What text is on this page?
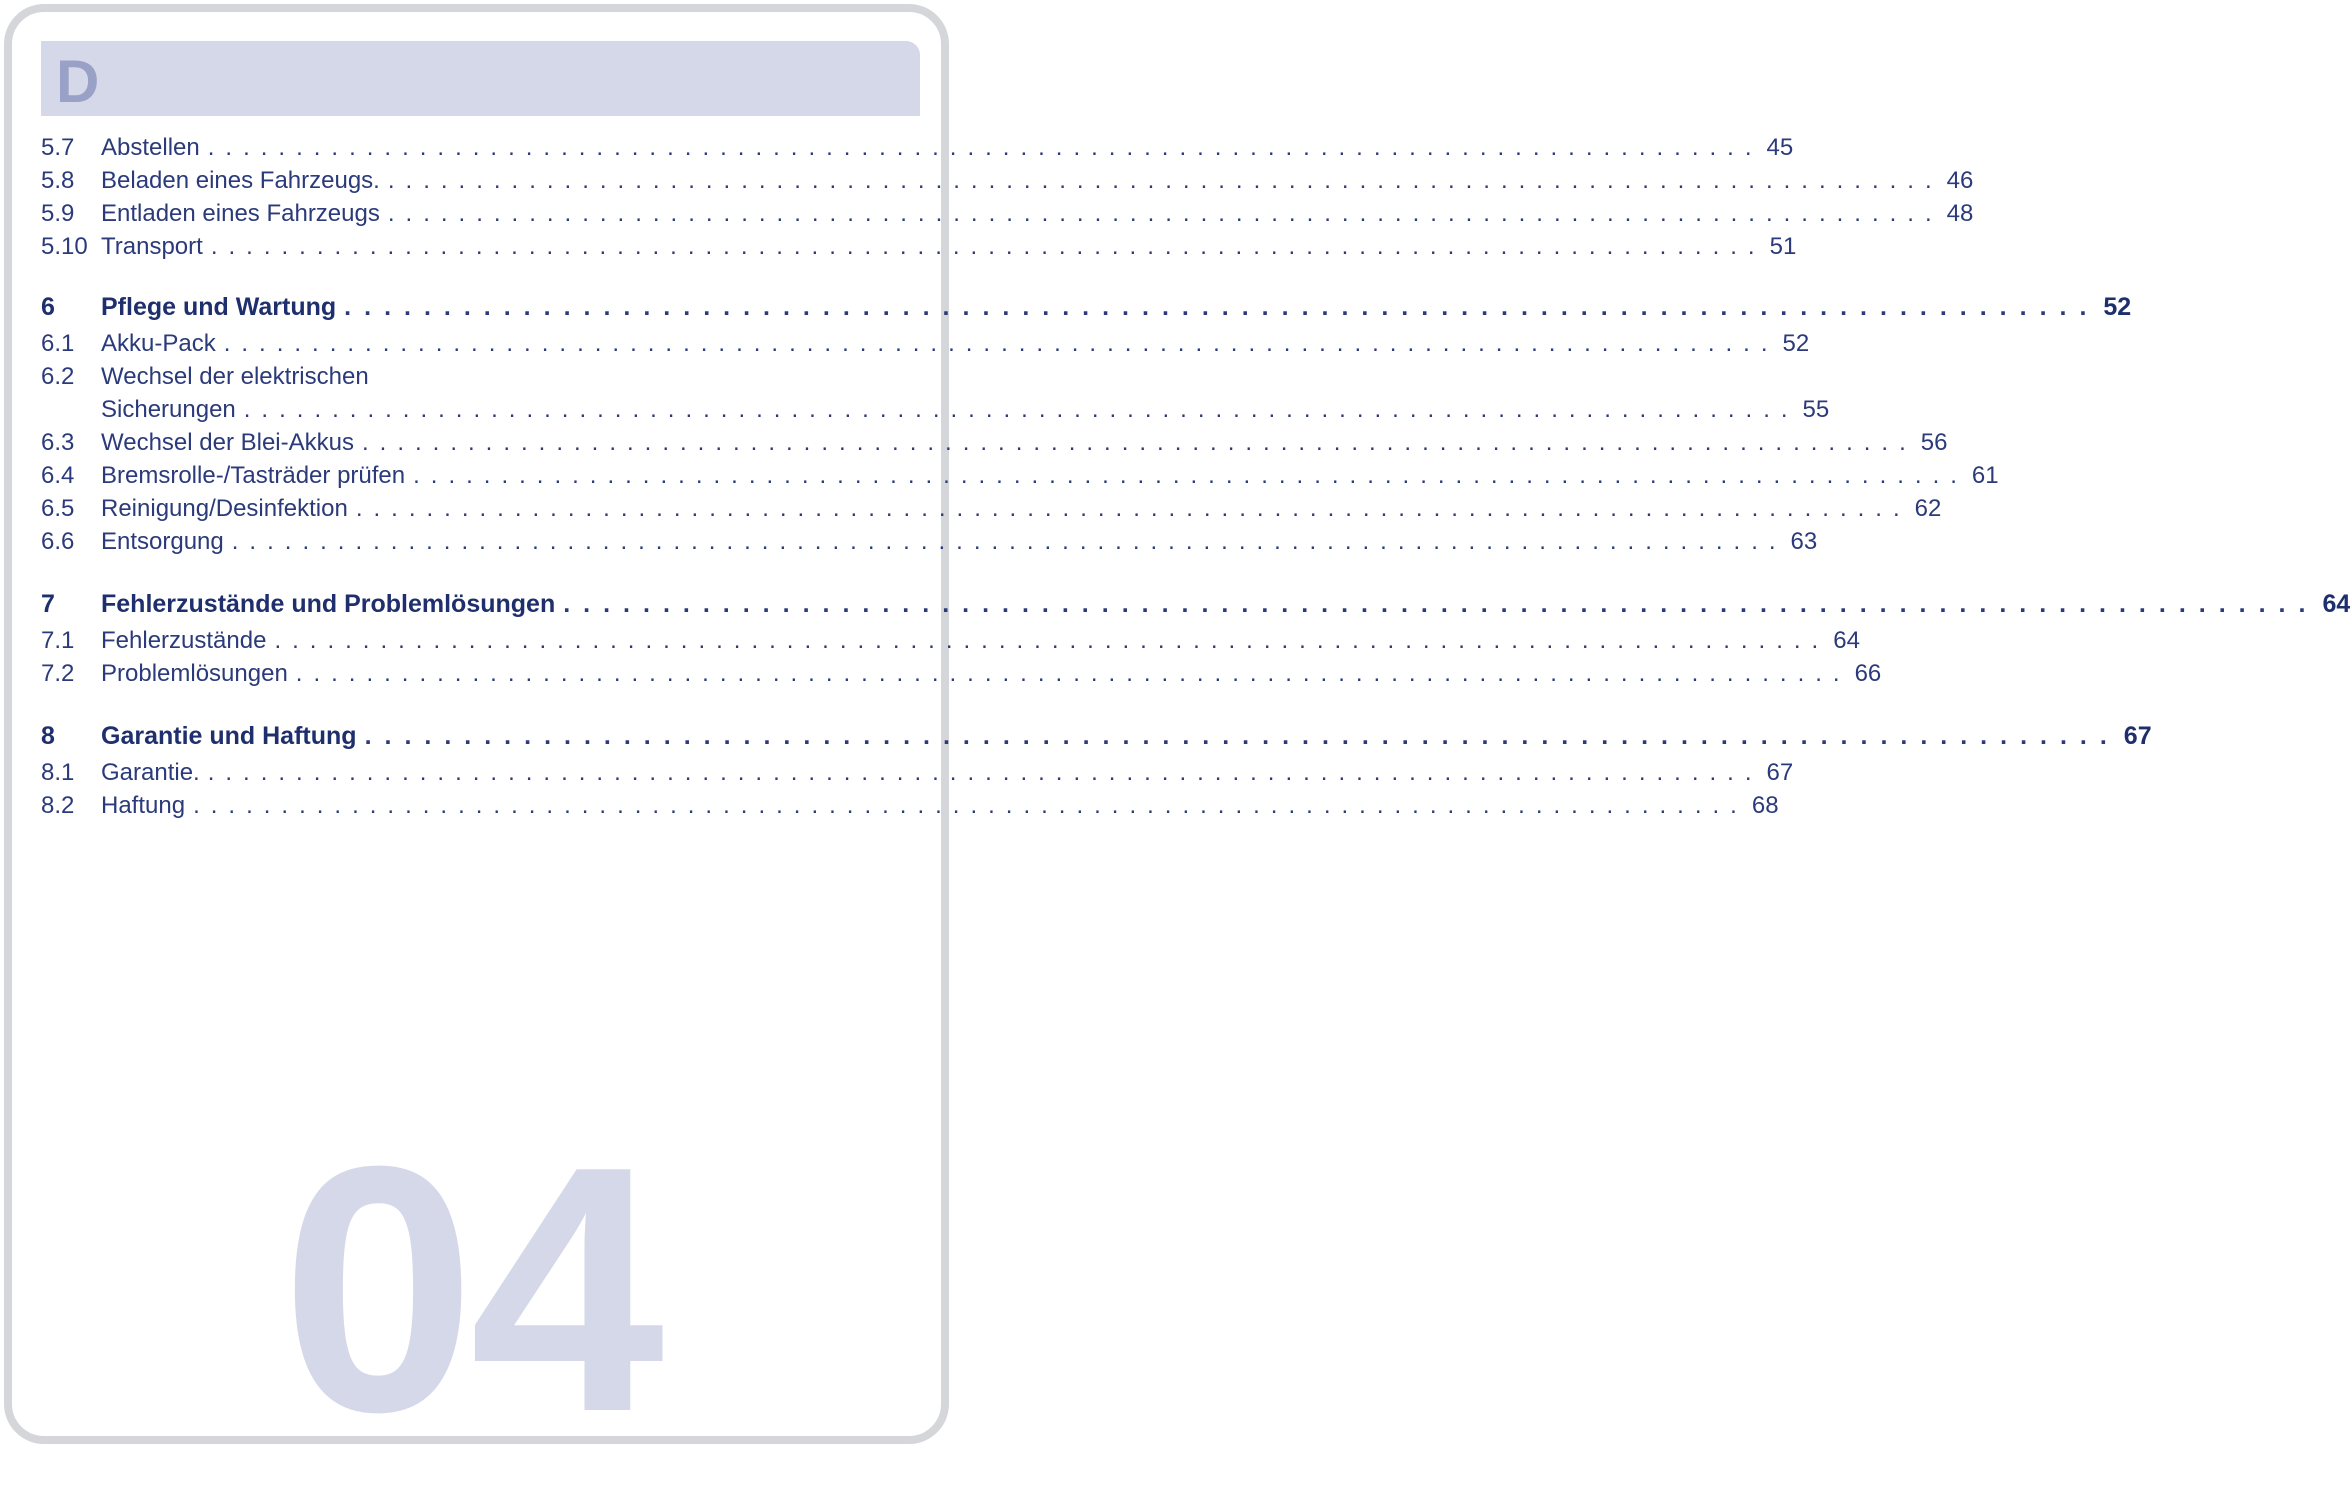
D
5.7	Abstellen ........................................................................................ 45
5.8	Beladen eines Fahrzeugs. ........................................................................................ 46
5.9	Entladen eines Fahrzeugs ........................................................................................ 48
5.10 Transport ........................................................................................ 51
6	Pflege und Wartung ........................................................................................ 52
6.1	Akku-Pack ........................................................................................ 52
6.2	Wechsel der elektrischen
Sicherungen ........................................................................................ 55
6.3	Wechsel der Blei-Akkus ........................................................................................ 56
6.4	Bremsrolle-/Tasträder prüfen ........................................................................................ 61
6.5	Reinigung/Desinfektion ........................................................................................ 62
6.6	Entsorgung ........................................................................................ 63
7	Fehlerzustände und Problemlösungen ........................................................................................ 64
7.1	Fehlerzustände ........................................................................................ 64
7.2	Problemlösungen ........................................................................................ 66
8	Garantie und Haftung ........................................................................................ 67
8.1	Garantie. ........................................................................................ 67
8.2	Haftung ........................................................................................ 68
04
